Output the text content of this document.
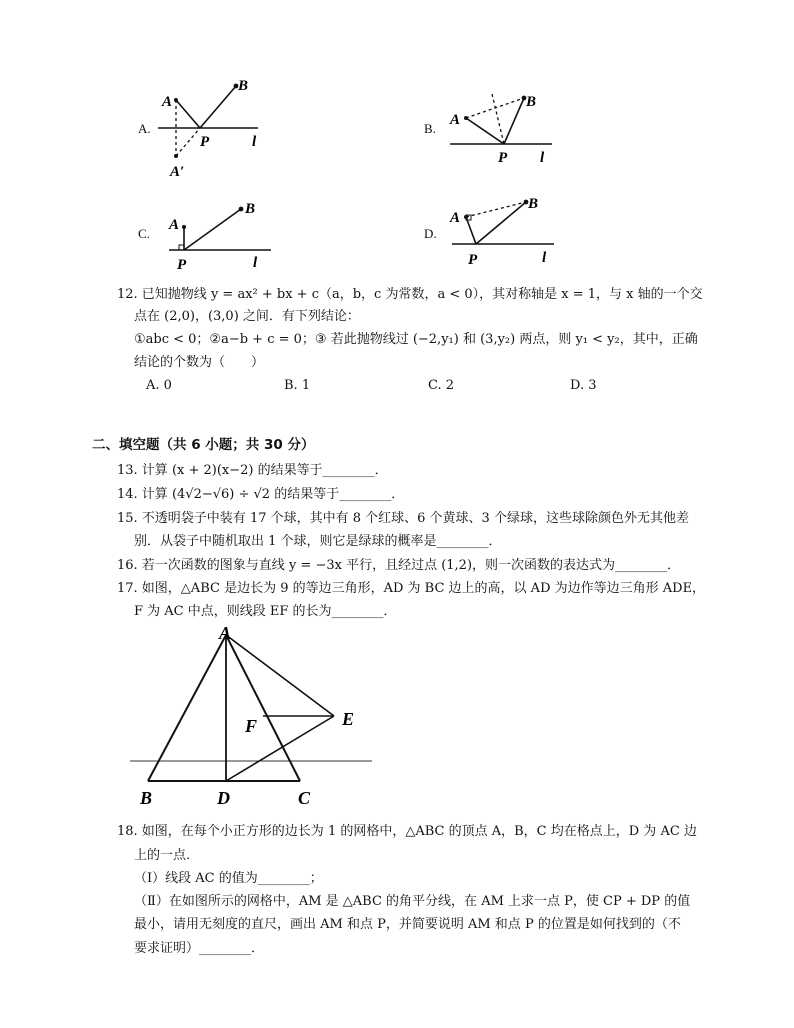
A.
A
B
P	l
A′
B.
A
B
P l
C.
A
B
P	l
D.
A
B
P	l
12. 已知抛物线 y = ax² + bx + c（a，b，c 为常数，a < 0），其对称轴是 x = 1，与 x 轴的一个交
点在 (2,0)，(3,0) 之间．有下列结论：
①abc < 0；②a−b + c = 0；③ 若此抛物线过 (−2,y₁) 和 (3,y₂) 两点，则 y₁ < y₂，其中，正确
结论的个数为（　　）
A. 0	B. 1	C. 2	D. 3
二、填空题（共 6 小题；共 30 分）
13. 计算 (x + 2)(x−2) 的结果等于________．
14. 计算 (4√2−√6) ÷ √2 的结果等于________．
15. 不透明袋子中装有 17 个球，其中有 8 个红球、6 个黄球、3 个绿球，这些球除颜色外无其他差
别．从袋子中随机取出 1 个球，则它是绿球的概率是________．
16. 若一次函数的图象与直线 y = −3x 平行，且经过点 (1,2)，则一次函数的表达式为________．
17. 如图，△ABC 是边长为 9 的等边三角形，AD 为 BC 边上的高，以 AD 为边作等边三角形 ADE，
F 为 AC 中点，则线段 EF 的长为________．
A
B	C
D
E
F
18. 如图，在每个小正方形的边长为 1 的网格中，△ABC 的顶点 A，B，C 均在格点上，D 为 AC 边
上的一点．
（Ⅰ）线段 AC 的值为________；
（Ⅱ）在如图所示的网格中，AM 是 △ABC 的角平分线，在 AM 上求一点 P，使 CP + DP 的值
最小，请用无刻度的直尺，画出 AM 和点 P，并简要说明 AM 和点 P 的位置是如何找到的（不
要求证明）________．
